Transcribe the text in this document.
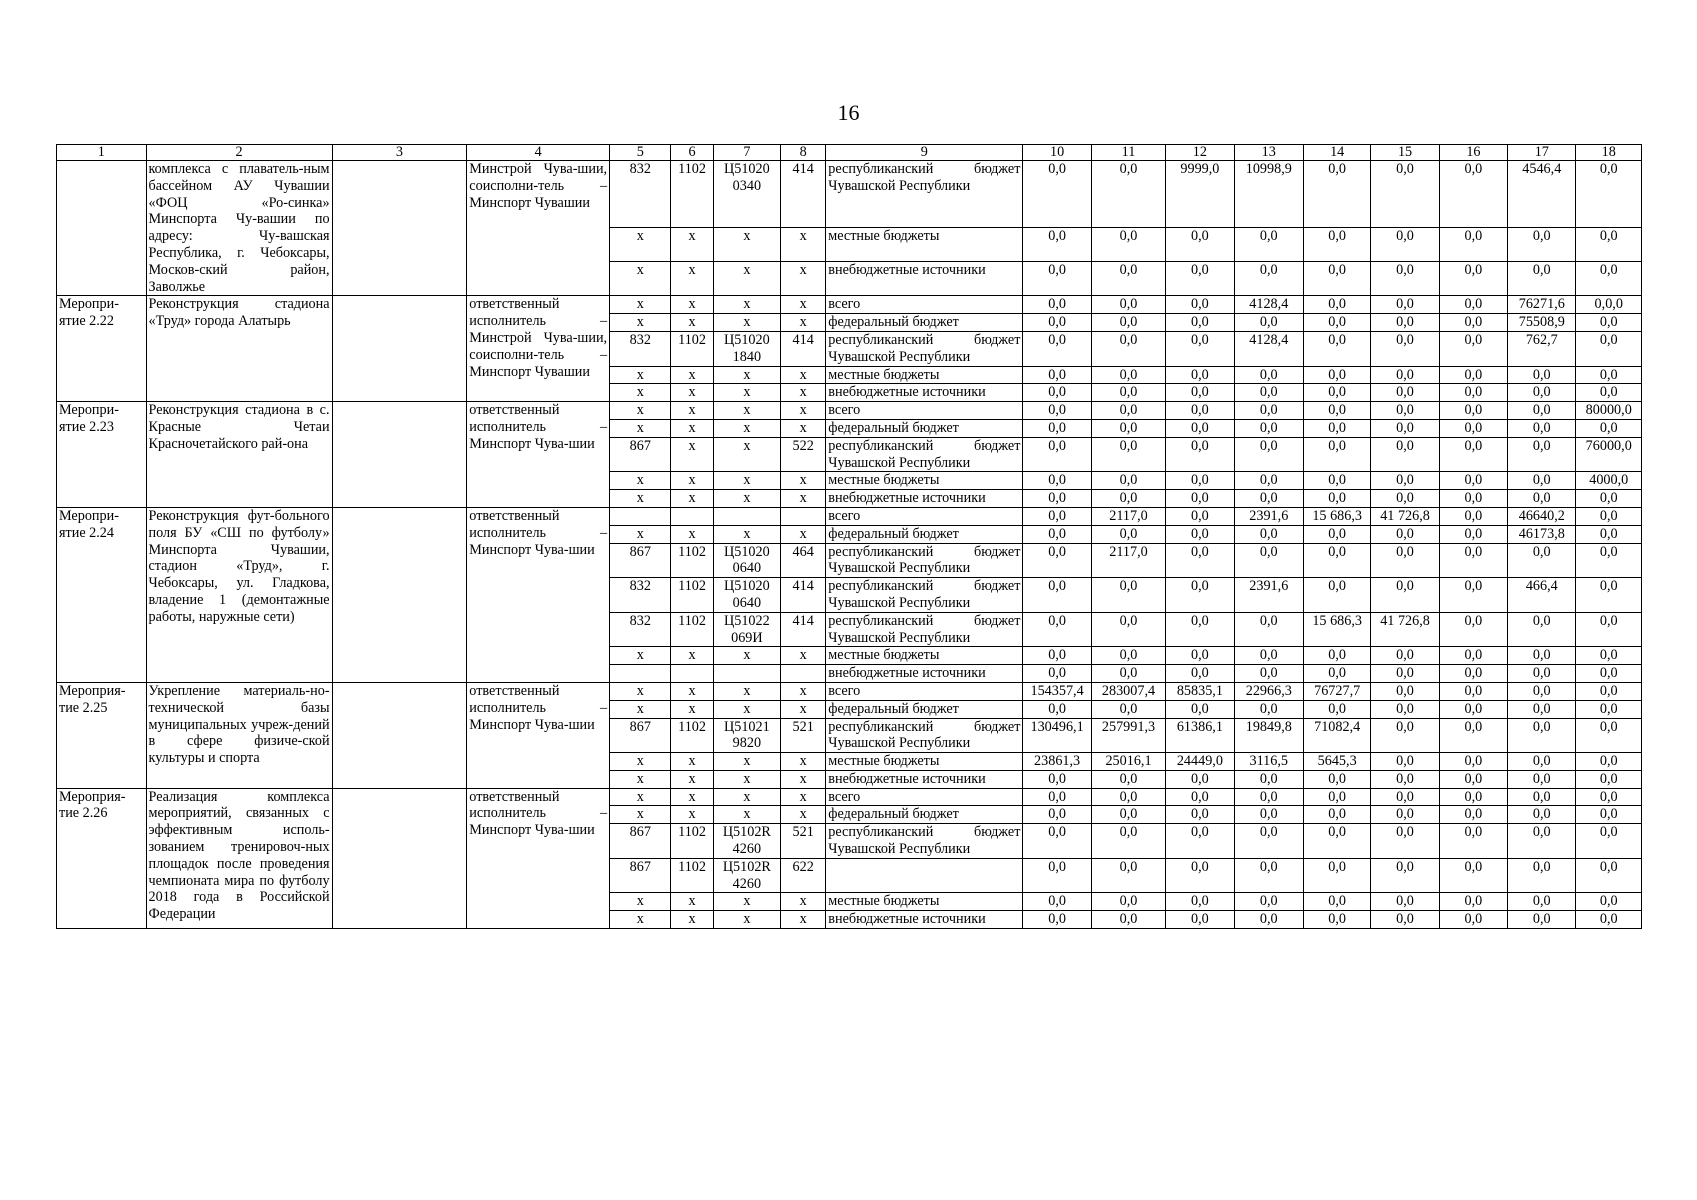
16
1	2	3	4	5	6	7	8	9	10	11	12	13	14	15	16	17	18
	комплекса с плаватель-ным бассейном АУ Чувашии «ФОЦ «Ро-синка» Минспорта Чу-вашии по адресу: Чу-вашская Республика, г. Чебоксары, Москов-ский район, Заволжье		Минстрой Чува-шии, соисполни-тель – Минспорт Чувашии	832	1102	Ц51020 0340	414	республиканский бюджет Чувашской Республики	0,0	0,0	9999,0	10998,9	0,0	0,0	0,0	4546,4	0,0
				х	х	х	х	местные бюджеты	0,0	0,0	0,0	0,0	0,0	0,0	0,0	0,0	0,0
				х	х	х	х	внебюджетные источники	0,0	0,0	0,0	0,0	0,0	0,0	0,0	0,0	0,0
Меропри-ятие 2.22	Реконструкция стадиона «Труд» города Алатырь		ответственный исполнитель – Минстрой Чува-шии, соисполни-тель – Минспорт Чувашии	х	х	х	х	всего	0,0	0,0	0,0	4128,4	0,0	0,0	0,0	76271,6	0,0,0
				х	х	х	х	федеральный бюджет	0,0	0,0	0,0	0,0	0,0	0,0	0,0	75508,9	0,0
				832	1102	Ц51020 1840	414	республиканский бюджет Чувашской Республики	0,0	0,0	0,0	4128,4	0,0	0,0	0,0	762,7	0,0
				х	х	х	х	местные бюджеты	0,0	0,0	0,0	0,0	0,0	0,0	0,0	0,0	0,0
				х	х	х	х	внебюджетные источники	0,0	0,0	0,0	0,0	0,0	0,0	0,0	0,0	0,0
Меропри-ятие 2.23	Реконструкция стадиона в с. Красные Четаи Красночетайского рай-она		ответственный исполнитель – Минспорт Чува-шии	х	х	х	х	всего	0,0	0,0	0,0	0,0	0,0	0,0	0,0	0,0	80000,0
				х	х	х	х	федеральный бюджет	0,0	0,0	0,0	0,0	0,0	0,0	0,0	0,0	0,0
				867	х	х	522	республиканский бюджет Чувашской Республики	0,0	0,0	0,0	0,0	0,0	0,0	0,0	0,0	76000,0
				х	х	х	х	местные бюджеты	0,0	0,0	0,0	0,0	0,0	0,0	0,0	0,0	4000,0
				х	х	х	х	внебюджетные источники	0,0	0,0	0,0	0,0	0,0	0,0	0,0	0,0	0,0
Меропри-ятие 2.24	Реконструкция фут-больного поля БУ «СШ по футболу» Минспорта Чувашии, стадион «Труд», г. Чебоксары, ул. Гладкова, владение 1 (демонтажные работы, наружные сети)		ответственный исполнитель – Минспорт Чува-шии					всего	0,0	2117,0	0,0	2391,6	15 686,3	41 726,8	0,0	46640,2	0,0
				х	х	х	х	федеральный бюджет	0,0	0,0	0,0	0,0	0,0	0,0	0,0	46173,8	0,0
				867	1102	Ц51020 0640	464	республиканский бюджет Чувашской Республики	0,0	2117,0	0,0	0,0	0,0	0,0	0,0	0,0	0,0
				832	1102	Ц51020 0640	414	республиканский бюджет Чувашской Республики	0,0	0,0	0,0	2391,6	0,0	0,0	0,0	466,4	0,0
				832	1102	Ц51022 069И	414	республиканский бюджет Чувашской Республики	0,0	0,0	0,0	0,0	15 686,3	41 726,8	0,0	0,0	0,0
				х	х	х	х	местные бюджеты	0,0	0,0	0,0	0,0	0,0	0,0	0,0	0,0	0,0
								внебюджетные источники	0,0	0,0	0,0	0,0	0,0	0,0	0,0	0,0	0,0
Мероприя-тие 2.25	Укрепление материаль-но-технической базы муниципальных учреж-дений в сфере физиче-ской культуры и спорта		ответственный исполнитель – Минспорт Чува-шии	х	х	х	х	всего	154357,4	283007,4	85835,1	22966,3	76727,7	0,0	0,0	0,0	0,0
				х	х	х	х	федеральный бюджет	0,0	0,0	0,0	0,0	0,0	0,0	0,0	0,0	0,0
				867	1102	Ц51021 9820	521	республиканский бюджет Чувашской Республики	130496,1	257991,3	61386,1	19849,8	71082,4	0,0	0,0	0,0	0,0
				х	х	х	х	местные бюджеты	23861,3	25016,1	24449,0	3116,5	5645,3	0,0	0,0	0,0	0,0
				х	х	х	х	внебюджетные источники	0,0	0,0	0,0	0,0	0,0	0,0	0,0	0,0	0,0
Мероприя-тие 2.26	Реализация комплекса мероприятий, связанных с эффективным исполь-зованием тренировоч-ных площадок после проведения чемпионата мира по футболу 2018 года в Российской Федерации		ответственный исполнитель – Минспорт Чува-шии	х	х	х	х	всего	0,0	0,0	0,0	0,0	0,0	0,0	0,0	0,0	0,0
				х	х	х	х	федеральный бюджет	0,0	0,0	0,0	0,0	0,0	0,0	0,0	0,0	0,0
				867	1102	Ц5102R 4260	521	республиканский бюджет Чувашской Республики	0,0	0,0	0,0	0,0	0,0	0,0	0,0	0,0	0,0
				867	1102	Ц5102R 4260	622		0,0	0,0	0,0	0,0	0,0	0,0	0,0	0,0	0,0
				х	х	х	х	местные бюджеты	0,0	0,0	0,0	0,0	0,0	0,0	0,0	0,0	0,0
				х	х	х	х	внебюджетные источники	0,0	0,0	0,0	0,0	0,0	0,0	0,0	0,0	0,0
